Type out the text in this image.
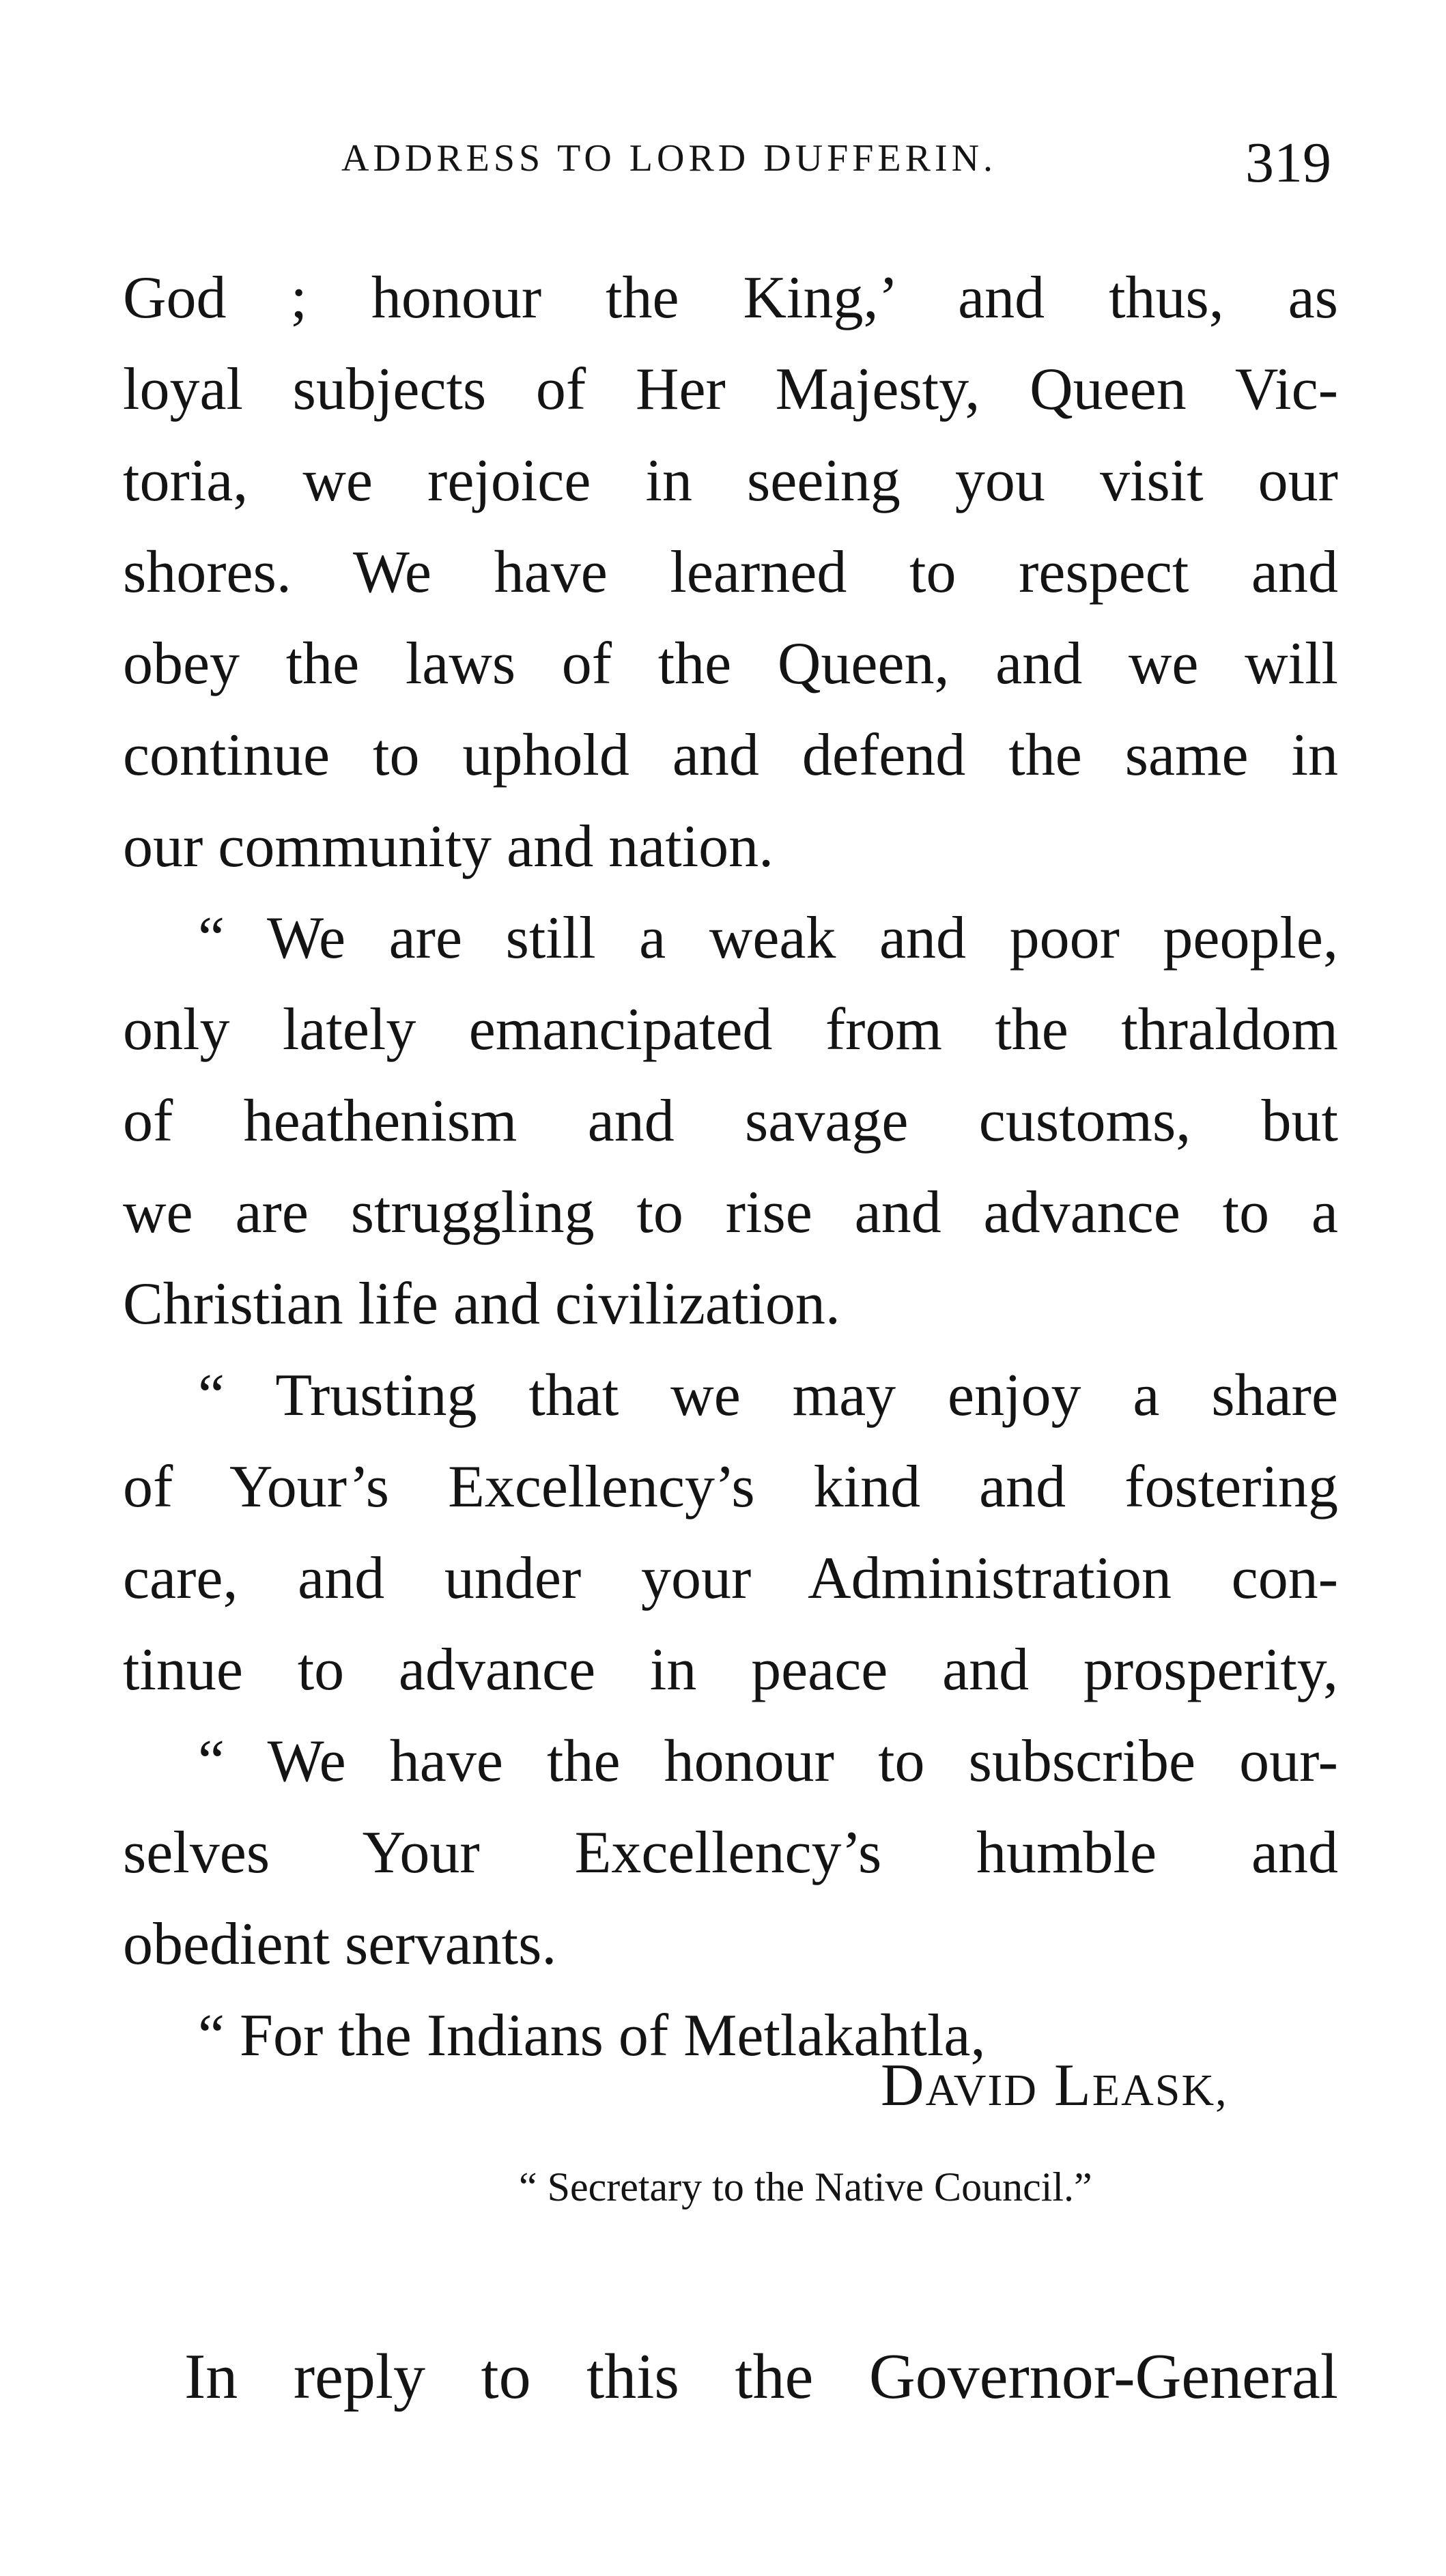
ADDRESS TO LORD DUFFERIN.	319
God ; honour the King,’ and thus, as
loyal subjects of Her Majesty, Queen Vic-
toria, we rejoice in seeing you visit our
shores. We have learned to respect and
obey the laws of the Queen, and we will
continue to uphold and defend the same in
our community and nation.
“ We are still a weak and poor people,
only lately emancipated from the thraldom
of heathenism and savage customs, but
we are struggling to rise and advance to a
Christian life and civilization.
“ Trusting that we may enjoy a share
of Your’s Excellency’s kind and fostering
care, and under your Administration con-
tinue to advance in peace and prosperity,
“ We have the honour to subscribe our-
selves Your Excellency’s humble and
obedient servants.
“ For the Indians of Metlakahtla,
DAVID LEASK,
“ Secretary to the Native Council.”
In reply to this the Governor-General
